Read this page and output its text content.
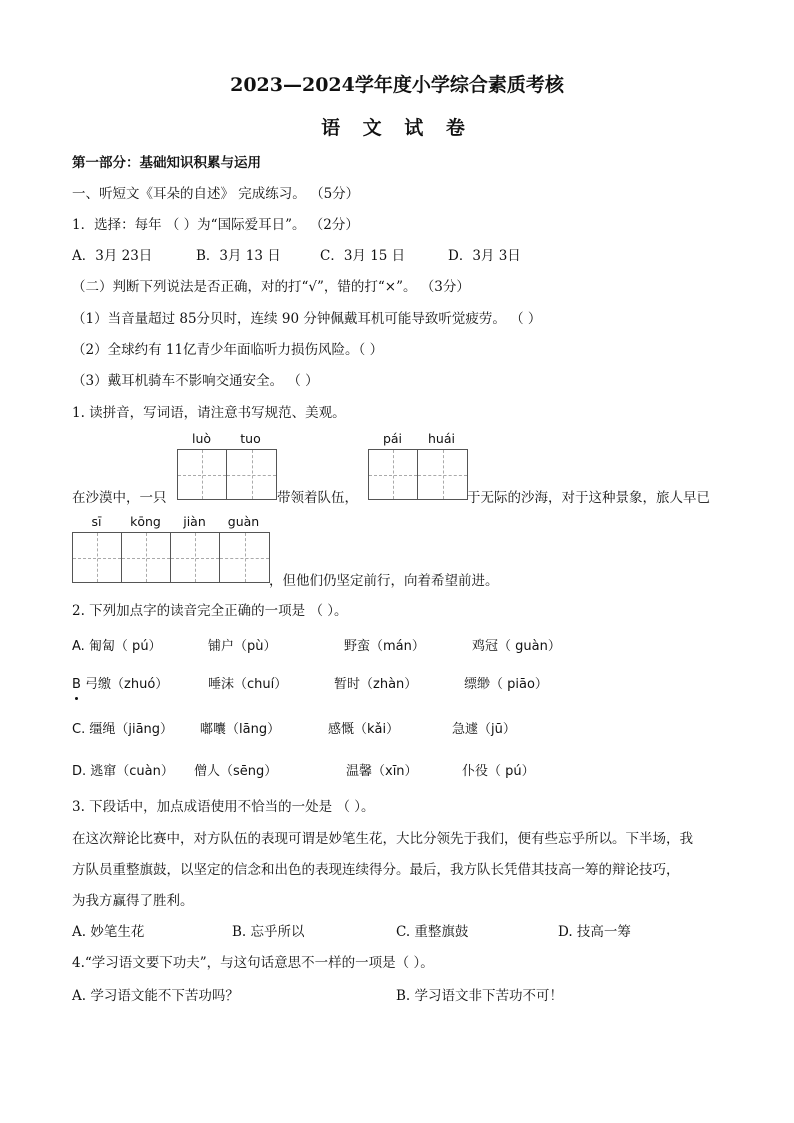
2023—2024学年度小学综合素质考核
语 文 试 卷
第一部分：基础知识积累与运用
一、听短文《耳朵的自述》 完成练习。 （5分）
1．选择：每年 （ ）为“国际爱耳日”。 （2分）
A．3月 23日	B．3月 13 日	C．3月 15 日	D．3月 3日
（二）判断下列说法是否正确，对的打“√”，错的打“×”。 （3分）
（1）当音量超过 85分贝时，连续 90 分钟佩戴耳机可能导致听觉疲劳。 （ ）
（2）全球约有 11亿青少年面临听力损伤风险。（ ）
（3）戴耳机骑车不影响交通安全。 （ ）
1. 读拼音，写词语，请注意书写规范、美观。
luò	tuo	pái	huái
在沙漠中，一只	带领着队伍，	于无际的沙海，对于这种景象，旅人早已
sī	kōng	jiàn	guàn
，但他们仍坚定前行，向着希望前进。
2. 下列加点字的读音完全正确的一项是 （ ）。
A. 匍匐（ pú）	铺户（pù）	野蛮（mán）	鸡冠（ guàn）
B 弓缴（zhuó）	唾沫（chuí）	暂时（zhàn）	缥缈（ piāo）
C. 缰绳（jiāng） 嘟囔（lāng）	感慨（kǎi）	急遽（jū）
D. 逃窜（cuàn） 僧人（sēng）	温馨（xīn）	仆役（ pú）
3. 下段话中，加点成语使用不恰当的一处是 （ ）。
在这次辩论比赛中，对方队伍的表现可谓是妙笔生花，大比分领先于我们，便有些忘乎所以。下半场，我
方队员重整旗鼓，以坚定的信念和出色的表现连续得分。最后，我方队长凭借其技高一筹的辩论技巧，
为我方赢得了胜利。
A. 妙笔生花	B. 忘乎所以	C. 重整旗鼓	D. 技高一筹
4.“学习语文要下功夫”，与这句话意思不一样的一项是（ ）。
A. 学习语文能不下苦功吗？	B. 学习语文非下苦功不可！
